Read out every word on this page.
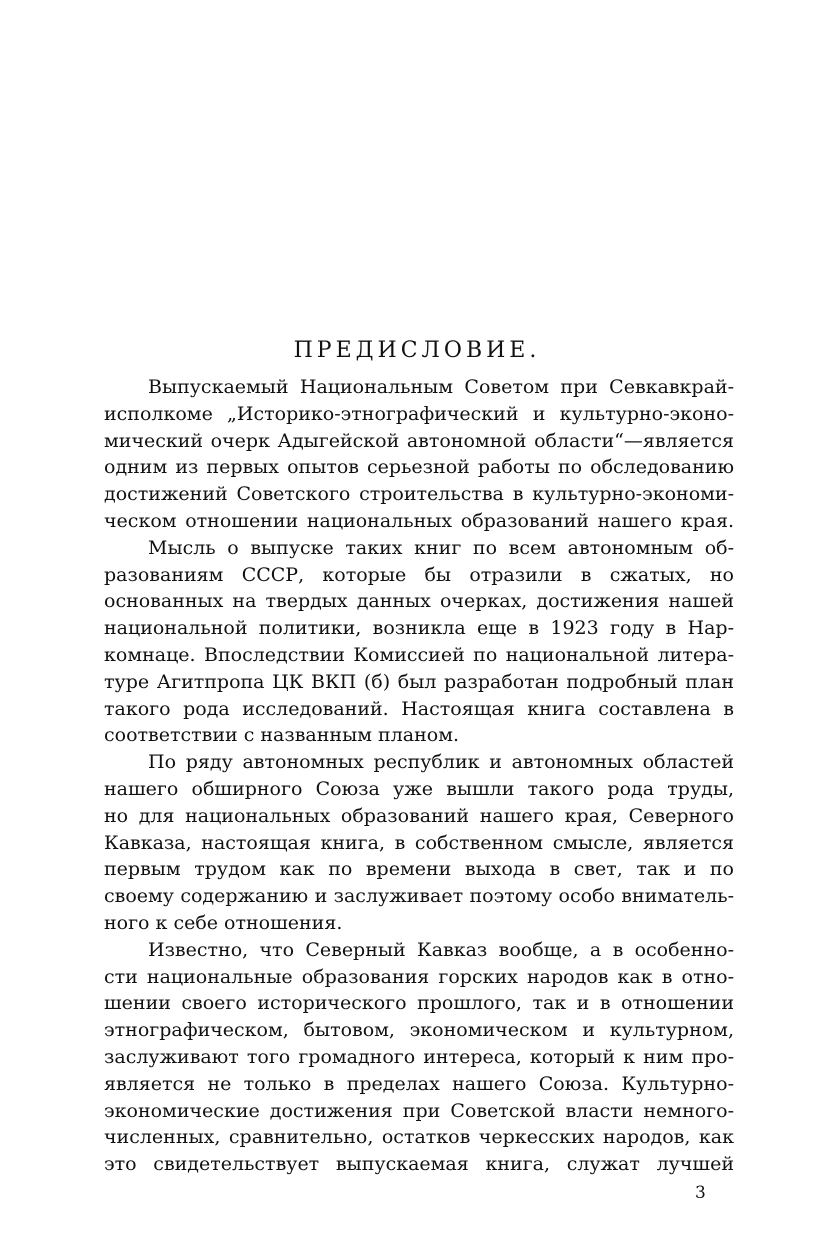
ПРЕДИСЛОВИЕ.
Выпускаемый Национальным Советом при Севкавкрай-
исполкоме „Историко-этнографический и культурно-эконо-
мический очерк Адыгейской автономной области“—является
одним из первых опытов серьезной работы по обследованию
достижений Советского строительства в культурно-экономи-
ческом отношении национальных образований нашего края.
Мысль о выпуске таких книг по всем автономным об-
разованиям СССР, которые бы отразили в сжатых, но
основанных на твердых данных очерках, достижения нашей
национальной политики, возникла еще в 1923 году в Нар-
комнаце. Впоследствии Комиссией по национальной литера-
туре Агитпропа ЦК ВКП (б) был разработан подробный план
такого рода исследований. Настоящая книга составлена в
соответствии с названным планом.
По ряду автономных республик и автономных областей
нашего обширного Союза уже вышли такого рода труды,
но для национальных образований нашего края, Северного
Кавказа, настоящая книга, в собственном смысле, является
первым трудом как по времени выхода в свет, так и по
своему содержанию и заслуживает поэтому особо вниматель-
ного к себе отношения.
Известно, что Северный Кавказ вообще, а в особенно-
сти национальные образования горских народов как в отно-
шении своего исторического прошлого, так и в отношении
этнографическом, бытовом, экономическом и культурном,
заслуживают того громадного интереса, который к ним про-
является не только в пределах нашего Союза. Культурно-
экономические достижения при Советской власти немного-
численных, сравнительно, остатков черкесских народов, как
это свидетельствует выпускаемая книга, служат лучшей
3
